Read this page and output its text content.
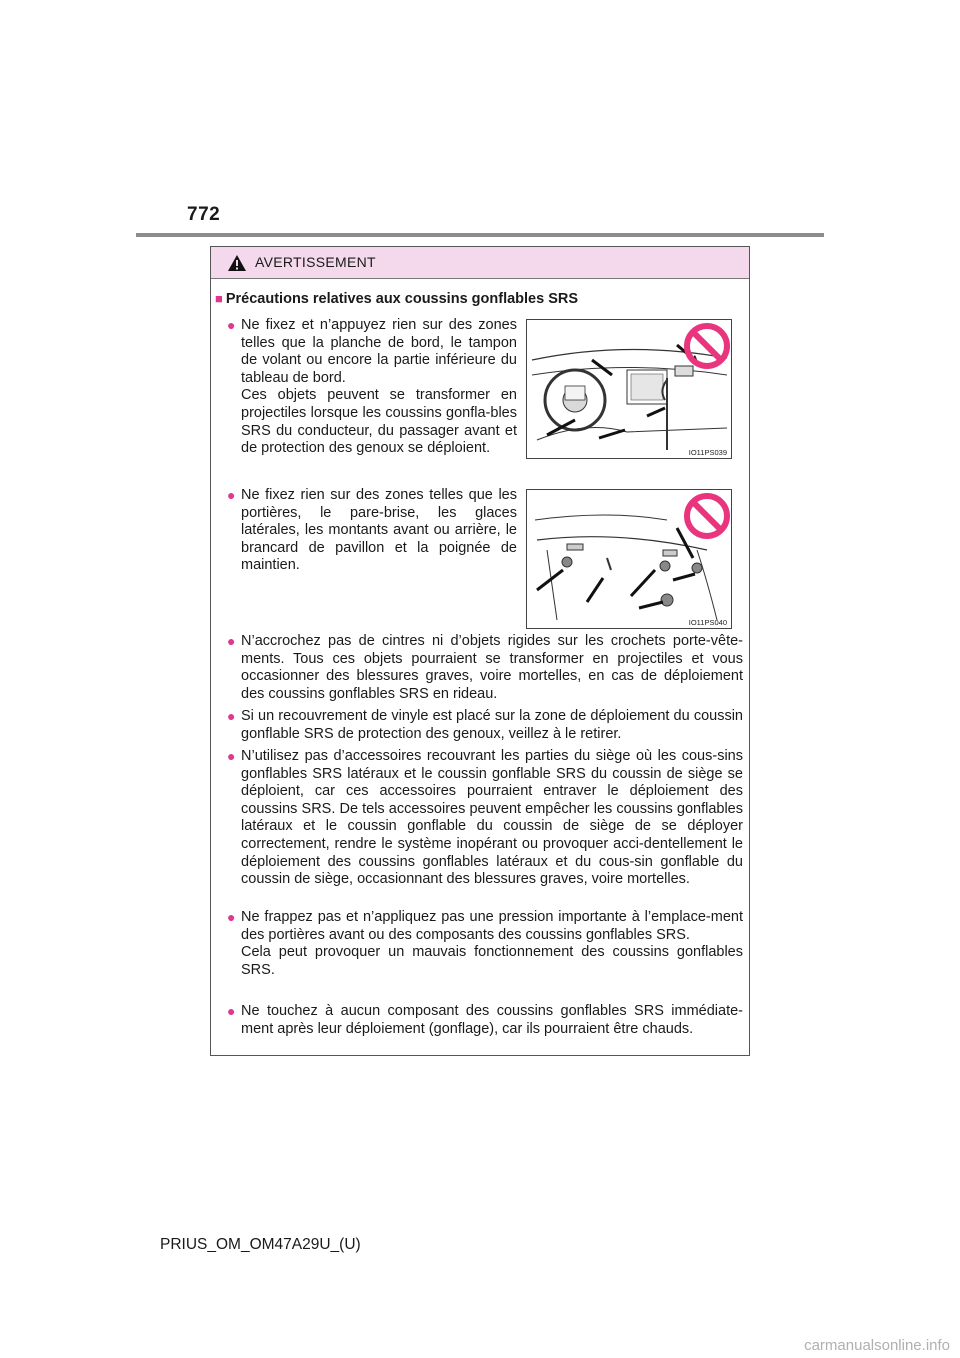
772
AVERTISSEMENT
■ Précautions relatives aux coussins gonflables SRS
● Ne fixez et n’appuyez rien sur des zones telles que la planche de bord, le tampon de volant ou encore la partie inférieure du tableau de bord.
Ces objets peuvent se transformer en projectiles lorsque les coussins gonfla-bles SRS du conducteur, du passager avant et de protection des genoux se déploient.	IO11PS039
● Ne fixez rien sur des zones telles que les portières, le pare-brise, les glaces latérales, les montants avant ou arrière, le brancard de pavillon et la poignée de maintien.
IO11PS040
● N’accrochez pas de cintres ni d’objets rigides sur les crochets porte-vête-ments. Tous ces objets pourraient se transformer en projectiles et vous occasionner des blessures graves, voire mortelles, en cas de déploiement des coussins gonflables SRS en rideau.
● Si un recouvrement de vinyle est placé sur la zone de déploiement du coussin gonflable SRS de protection des genoux, veillez à le retirer.
● N’utilisez pas d’accessoires recouvrant les parties du siège où les cous-sins gonflables SRS latéraux et le coussin gonflable SRS du coussin de siège se déploient, car ces accessoires pourraient entraver le déploiement des coussins SRS. De tels accessoires peuvent empêcher les coussins gonflables latéraux et le coussin gonflable du coussin de siège de se déployer correctement, rendre le système inopérant ou provoquer acci-dentellement le déploiement des coussins gonflables latéraux et du cous-sin gonflable du coussin de siège, occasionnant des blessures graves, voire mortelles.
● Ne frappez pas et n’appliquez pas une pression importante à l’emplace-ment des portières avant ou des composants des coussins gonflables SRS.
Cela peut provoquer un mauvais fonctionnement des coussins gonflables SRS.
● Ne touchez à aucun composant des coussins gonflables SRS immédiate-ment après leur déploiement (gonflage), car ils pourraient être chauds.
PRIUS_OM_OM47A29U_(U)
carmanualsonline.info
